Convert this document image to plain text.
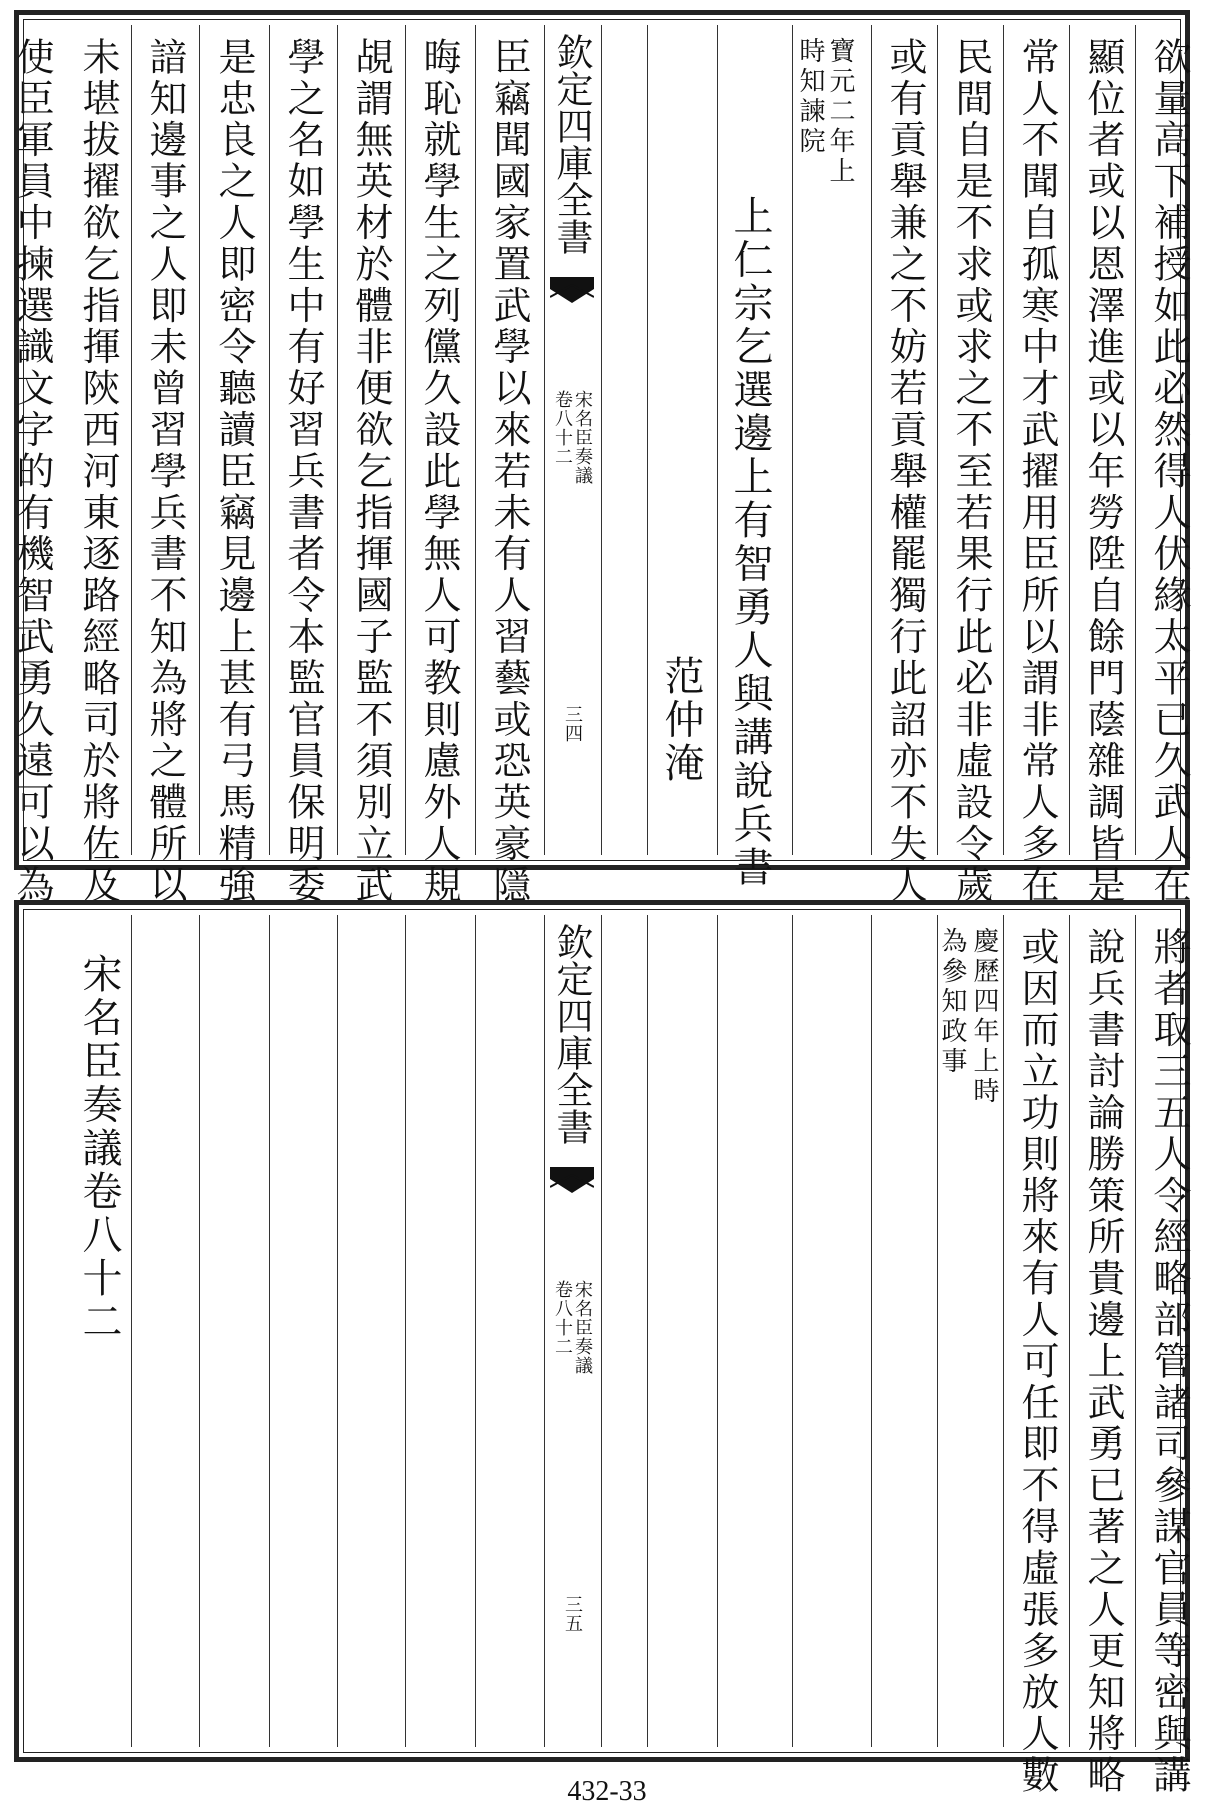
欲量高下補授如此必然得人伏緣太平已久武人在
顯位者或以恩澤進或以年勞陞自餘門蔭雜調皆是
常人不聞自孤寒中才武擢用臣所以謂非常人多在
民間自是不求或求之不至若果行此必非虛設令歲
或有貢舉兼之不妨若貢舉權罷獨行此詔亦不失人
寶元二年上
時知諫院
上仁宗乞選邊上有智勇人與講說兵書
范仲淹
欽定四庫全書
宋名臣奏議
卷八十二
三四
臣竊聞國家置武學以來若未有人習藝或恐英豪隱
晦恥就學生之列儻久設此學無人可教則慮外人規
覘謂無英材於體非便欲乞指揮國子監不須別立武
學之名如學生中有好習兵書者令本監官員保明委
是忠良之人即密令聽讀臣竊見邊上甚有弓馬精強
諳知邊事之人即未曾習學兵書不知為將之體所以
未堪拔擢欲乞指揮陝西河東逐路經略司於將佐及
使臣軍員中揀選識文字的有機智武勇久遠可以為
將者取三五人令經略部管諸司參謀官員等密與講
說兵書討論勝策所貴邊上武勇已著之人更知將略
或因而立功則將來有人可任即不得虛張多放人數
慶歷四年上時
為參知政事
欽定四庫全書
宋名臣奏議
卷八十二
三五
宋名臣奏議卷八十二
432-33
